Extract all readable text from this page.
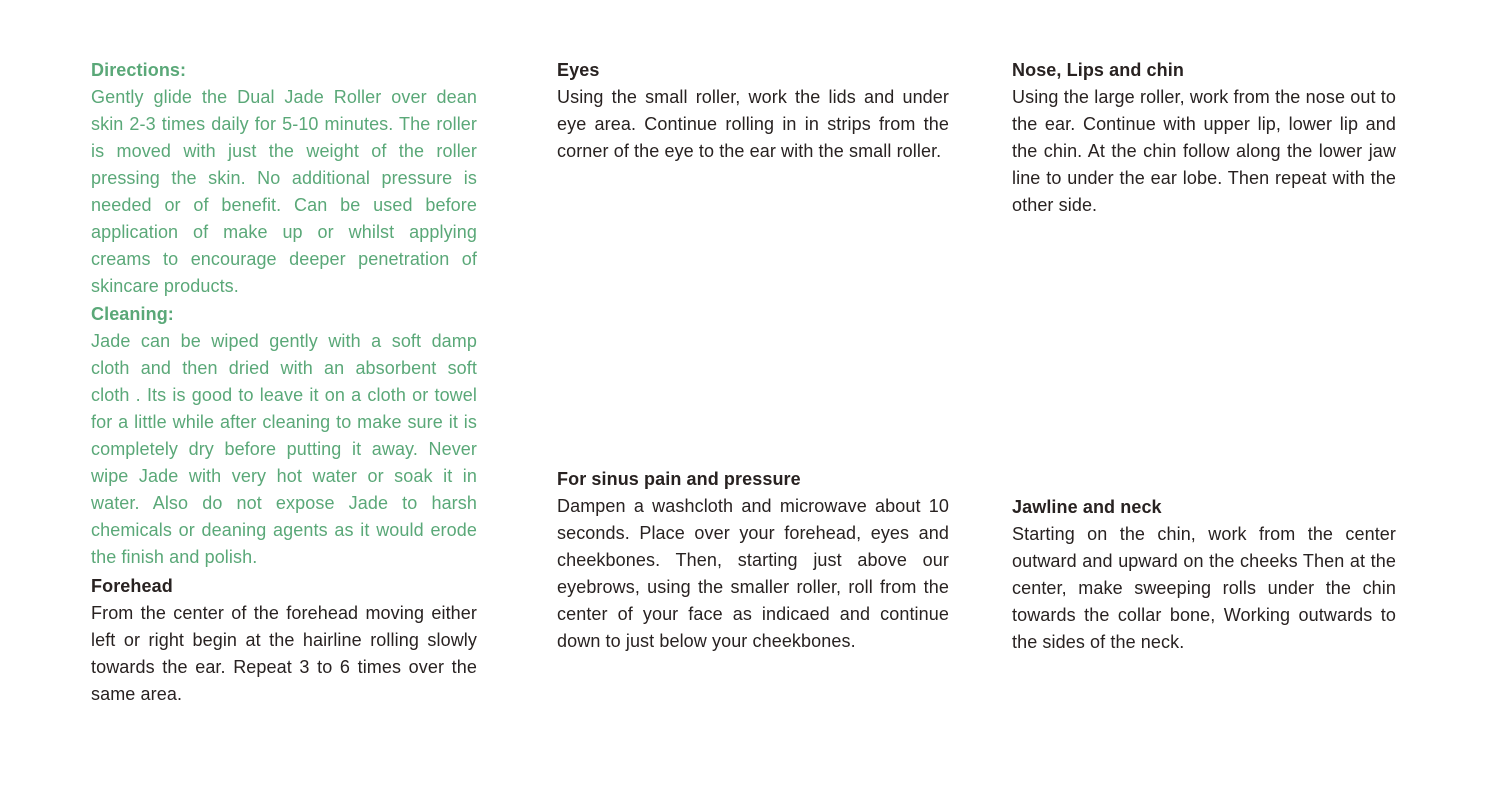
Directions:

Gently glide the Dual Jade Roller over dean skin 2-3 times daily for 5-10 minutes. The roller is moved with just the weight of the roller pressing the skin. No additional pressure is needed or of benefit. Can be used before application of make up or whilst applying creams to encourage deeper penetration of skincare products.

Cleaning:

Jade can be wiped gently with a soft damp cloth and then dried with an absorbent soft cloth . Its is good to leave it on a cloth or towel for a little while after cleaning to make sure it is completely dry before putting it away. Never wipe Jade with very hot water or soak it in water. Also do not expose Jade to harsh chemicals or deaning agents as it would erode the finish and polish.

Forehead

From the center of the forehead moving either left or right begin at the hairline rolling slowly towards the ear. Repeat 3 to 6 times over the same area.

Eyes

Using the small roller, work the lids and under eye area. Continue rolling in in strips from the corner of the eye to the ear with the small roller.

For sinus pain and pressure

Dampen a washcloth and microwave about 10 seconds. Place over your forehead, eyes and cheekbones. Then, starting just above our eyebrows, using the smaller roller, roll from the center of your face as indicaed and continue down to just below your cheekbones.

Nose, Lips and chin

Using the large roller, work from the nose out to the ear. Continue with upper lip, lower lip and the chin. At the chin follow along the lower jaw line to under the ear lobe. Then repeat with the other side.

Jawline and neck

Starting on the chin, work from the center outward and upward on the cheeks Then at the center, make sweeping rolls under the chin towards the collar bone, Working outwards to the sides of the neck.
